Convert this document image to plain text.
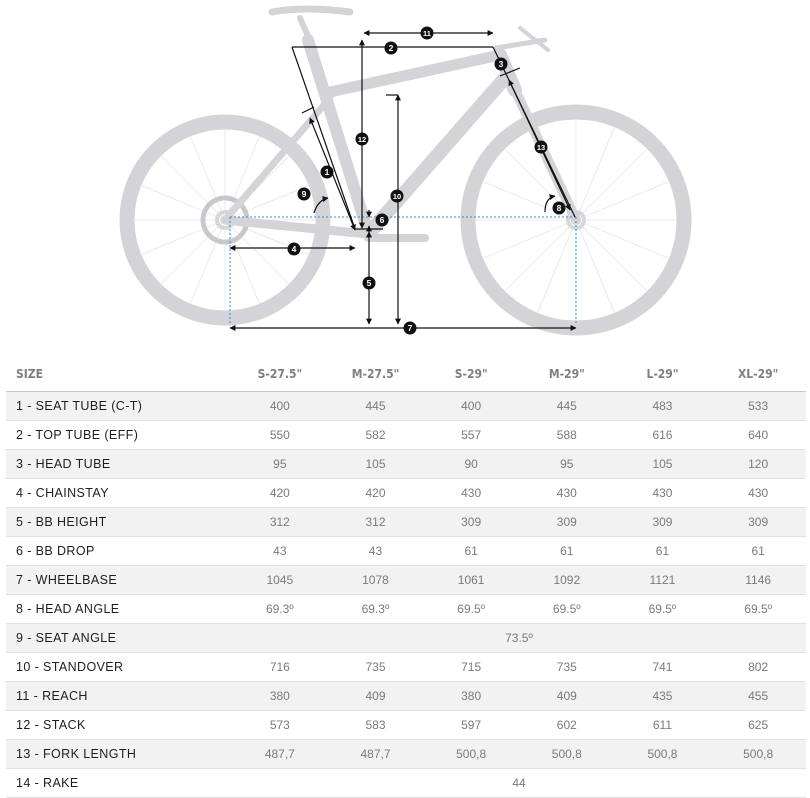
1
2
3
4
5
6
7
8
9	10
11
12
13
SIZE	S-27.5"	M-27.5"	S-29"	M-29"	L-29"	XL-29"
1 - SEAT TUBE (C-T)	400	445	400	445	483	533
2 - TOP TUBE (EFF)	550	582	557	588	616	640
3 - HEAD TUBE	95	105	90	95	105	120
4 - CHAINSTAY	420	420	430	430	430	430
5 - BB HEIGHT	312	312	309	309	309	309
6 - BB DROP	43	43	61	61	61	61
7 - WHEELBASE	1045	1078	1061	1092	1121	1146
8 - HEAD ANGLE	69.3º	69.3º	69.5º	69.5º	69.5º	69.5º
9 - SEAT ANGLE	73.5º					
10 - STANDOVER	716	735	715	735	741	802
11 - REACH	380	409	380	409	435	455
12 - STACK	573	583	597	602	611	625
13 - FORK LENGTH	487,7	487,7	500,8	500,8	500,8	500,8
14 - RAKE	44					
